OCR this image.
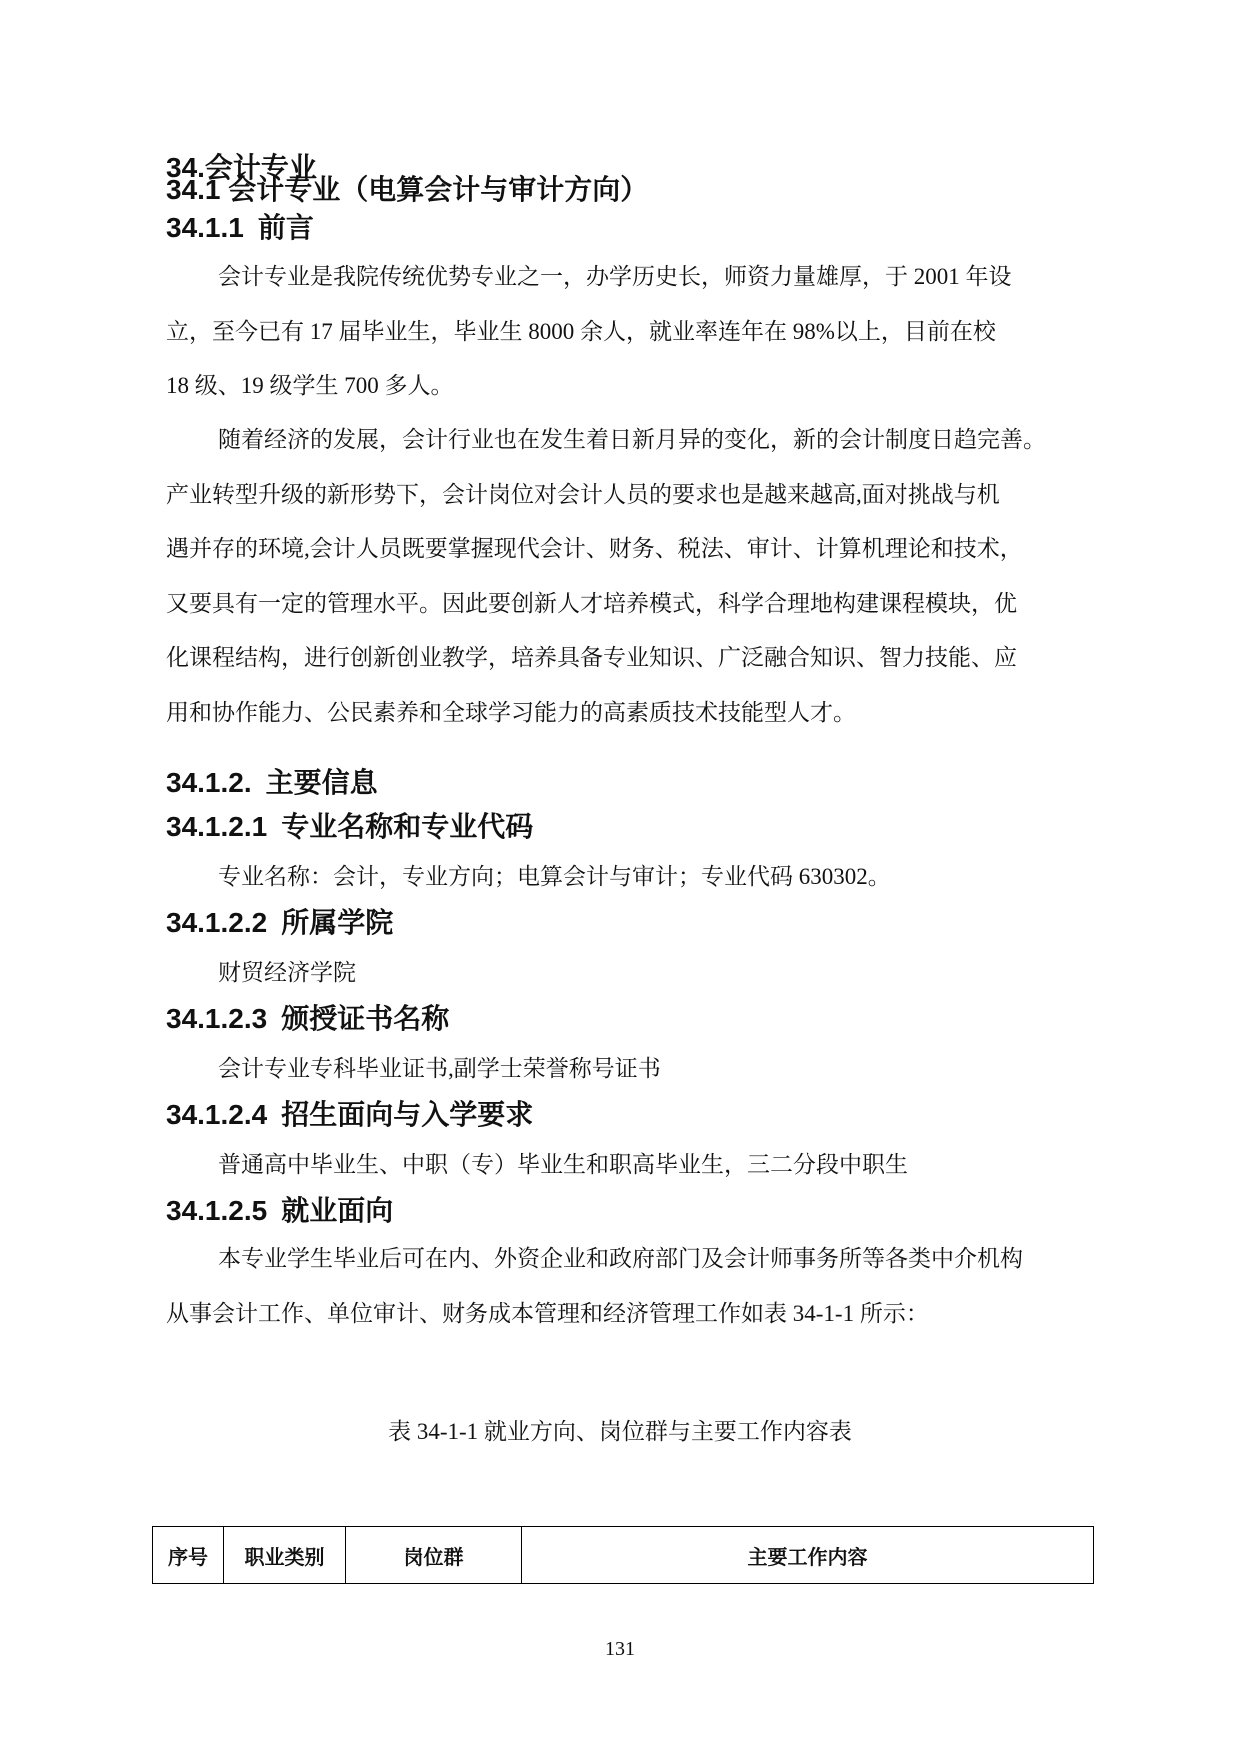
34.会计专业
34.1 会计专业（电算会计与审计方向）
34.1.1 前言
会计专业是我院传统优势专业之一，办学历史长，师资力量雄厚，于 2001 年设
立，至今已有 17 届毕业生，毕业生 8000 余人，就业率连年在 98%以上，目前在校
18 级、19 级学生 700 多人。
随着经济的发展，会计行业也在发生着日新月异的变化，新的会计制度日趋完善。
产业转型升级的新形势下，会计岗位对会计人员的要求也是越来越高,面对挑战与机
遇并存的环境,会计人员既要掌握现代会计、财务、税法、审计、计算机理论和技术，
又要具有一定的管理水平。因此要创新人才培养模式，科学合理地构建课程模块，优
化课程结构，进行创新创业教学，培养具备专业知识、广泛融合知识、智力技能、应
用和协作能力、公民素养和全球学习能力的高素质技术技能型人才。
34.1.2. 主要信息
34.1.2.1 专业名称和专业代码
专业名称：会计，专业方向；电算会计与审计；专业代码 630302。
34.1.2.2 所属学院
财贸经济学院
34.1.2.3 颁授证书名称
会计专业专科毕业证书,副学士荣誉称号证书
34.1.2.4 招生面向与入学要求
普通高中毕业生、中职（专）毕业生和职高毕业生，三二分段中职生
34.1.2.5 就业面向
本专业学生毕业后可在内、外资企业和政府部门及会计师事务所等各类中介机构
从事会计工作、单位审计、财务成本管理和经济管理工作如表 34-1-1 所示：
表 34-1-1 就业方向、岗位群与主要工作内容表
序号	职业类别	岗位群	主要工作内容
131
